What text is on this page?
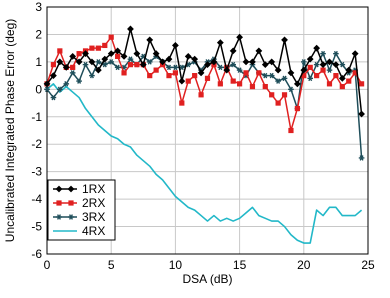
3
2
1
0
-1
-2
-3
-4
-5
-6
0	5	10	15	20	25
DSA (dB)
Uncalibrated Integrated Phase Error (deg)	1RX
2RX
3RX
4RX
